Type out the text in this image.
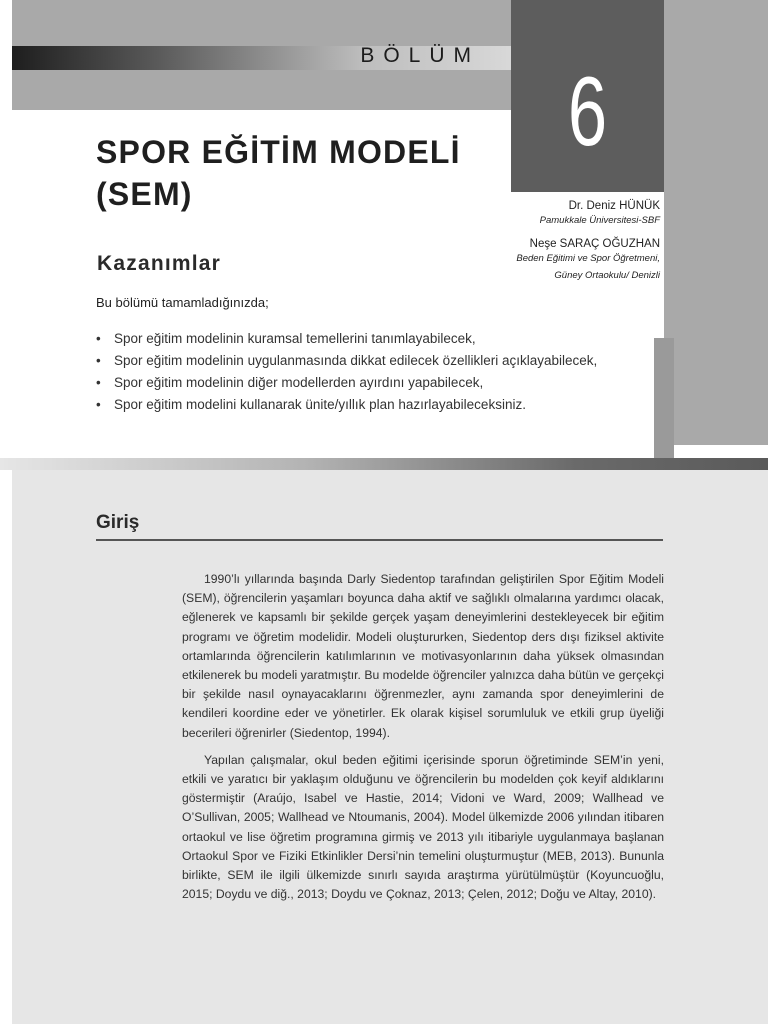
BÖLÜM
6
SPOR EĞİTİM MODELİ
(SEM)	Dr. Deniz HÜNÜK
Pamukkale Üniversitesi-SBF
Neşe SARAÇ OĞUZHAN
Beden Eğitimi ve Spor Öğretmeni,
Güney Ortaokulu/ Denizli
Kazanımlar
Bu bölümü tamamladığınızda;
• Spor eğitim modelinin kuramsal temellerini tanımlayabilecek,
• Spor eğitim modelinin uygulanmasında dikkat edilecek özellikleri açıklayabilecek,
• Spor eğitim modelinin diğer modellerden ayırdını yapabilecek,
• Spor eğitim modelini kullanarak ünite/yıllık plan hazırlayabileceksiniz.
Giriş

1990’lı yıllarında başında Darly Siedentop tarafından geliştirilen Spor Eğitim Modeli (SEM), öğrencilerin yaşamları boyunca daha aktif ve sağlıklı olmalarına yardımcı olacak, eğlenerek ve kapsamlı bir şekilde gerçek yaşam deneyimlerini destekleyecek bir eğitim programı ve öğretim modelidir. Modeli oluştururken, Siedentop ders dışı fiziksel aktivite ortamlarında öğrencilerin katılımlarının ve motivasyonlarının daha yüksek olmasından etkilenerek bu modeli yaratmıştır. Bu modelde öğrenciler yalnızca daha bütün ve gerçekçi bir şekilde nasıl oynayacaklarını öğrenmezler, aynı zamanda spor deneyimlerini de kendileri koordine eder ve yönetirler. Ek olarak kişisel sorumluluk ve etkili grup üyeliği becerileri öğrenirler (Siedentop, 1994).

Yapılan çalışmalar, okul beden eğitimi içerisinde sporun öğretiminde SEM’in yeni, etkili ve yaratıcı bir yaklaşım olduğunu ve öğrencilerin bu modelden çok keyif aldıklarını göstermiştir (Araújo, Isabel ve Hastie, 2014; Vidoni ve Ward, 2009; Wallhead ve O’Sullivan, 2005; Wallhead ve Ntoumanis, 2004). Model ülkemizde 2006 yılından itibaren ortaokul ve lise öğretim programına girmiş ve 2013 yılı itibariyle uygulanmaya başlanan Ortaokul Spor ve Fiziki Etkinlikler Dersi’nin temelini oluşturmuştur (MEB, 2013). Bununla birlikte, SEM ile ilgili ülkemizde sınırlı sayıda araştırma yürütülmüştür (Koyuncuoğlu, 2015; Doydu ve diğ., 2013; Doydu ve Çoknaz, 2013; Çelen, 2012; Doğu ve Altay, 2010).
